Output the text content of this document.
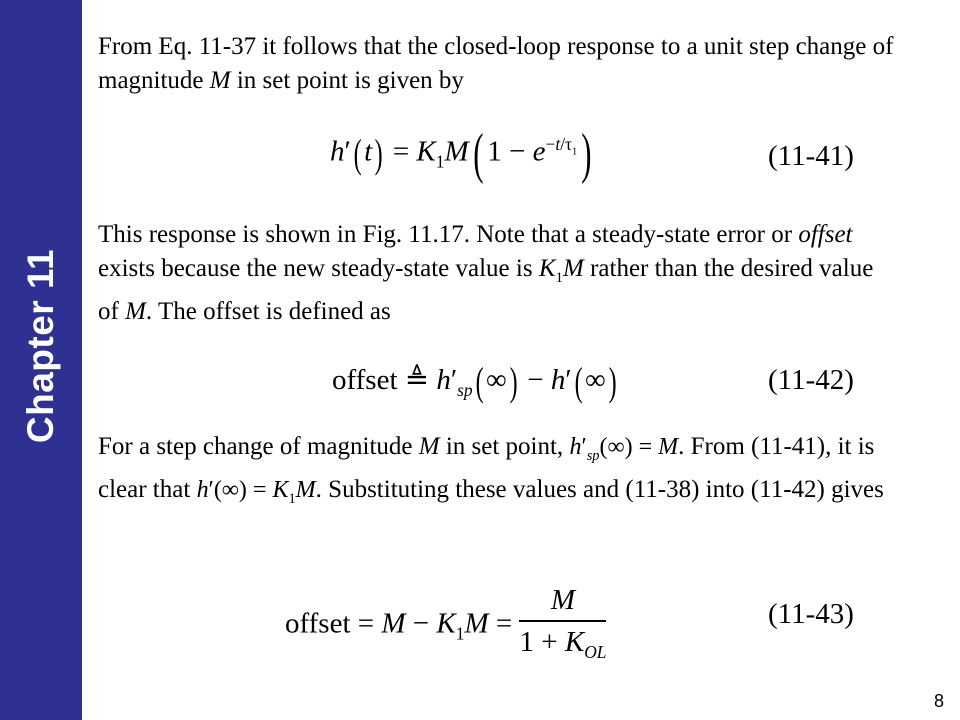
Chapter 11

From Eq. 11-37 it follows that the closed-loop response to a unit step change of magnitude M in set point is given by

$h'(t) = K_1M$( $1 - e^{-t/\tau_1}$)	(11-41)

This response is shown in Fig. 11.17. Note that a steady-state error or offset exists because the new steady-state value is $K_1M$ rather than the desired value of M. The offset is defined as

offset ≜ $h'_{sp}(\infty) - h'(\infty)$	(11-42)

For a step change of magnitude M in set point, $h'_{sp}(\infty) = M$. From (11-41), it is clear that $h'(\infty) = K_1M$. Substituting these values and (11-38) into (11-42) gives

offset = $M - K_1M = \frac{M}{1 + K_{OL}}$	(11-43)
8
